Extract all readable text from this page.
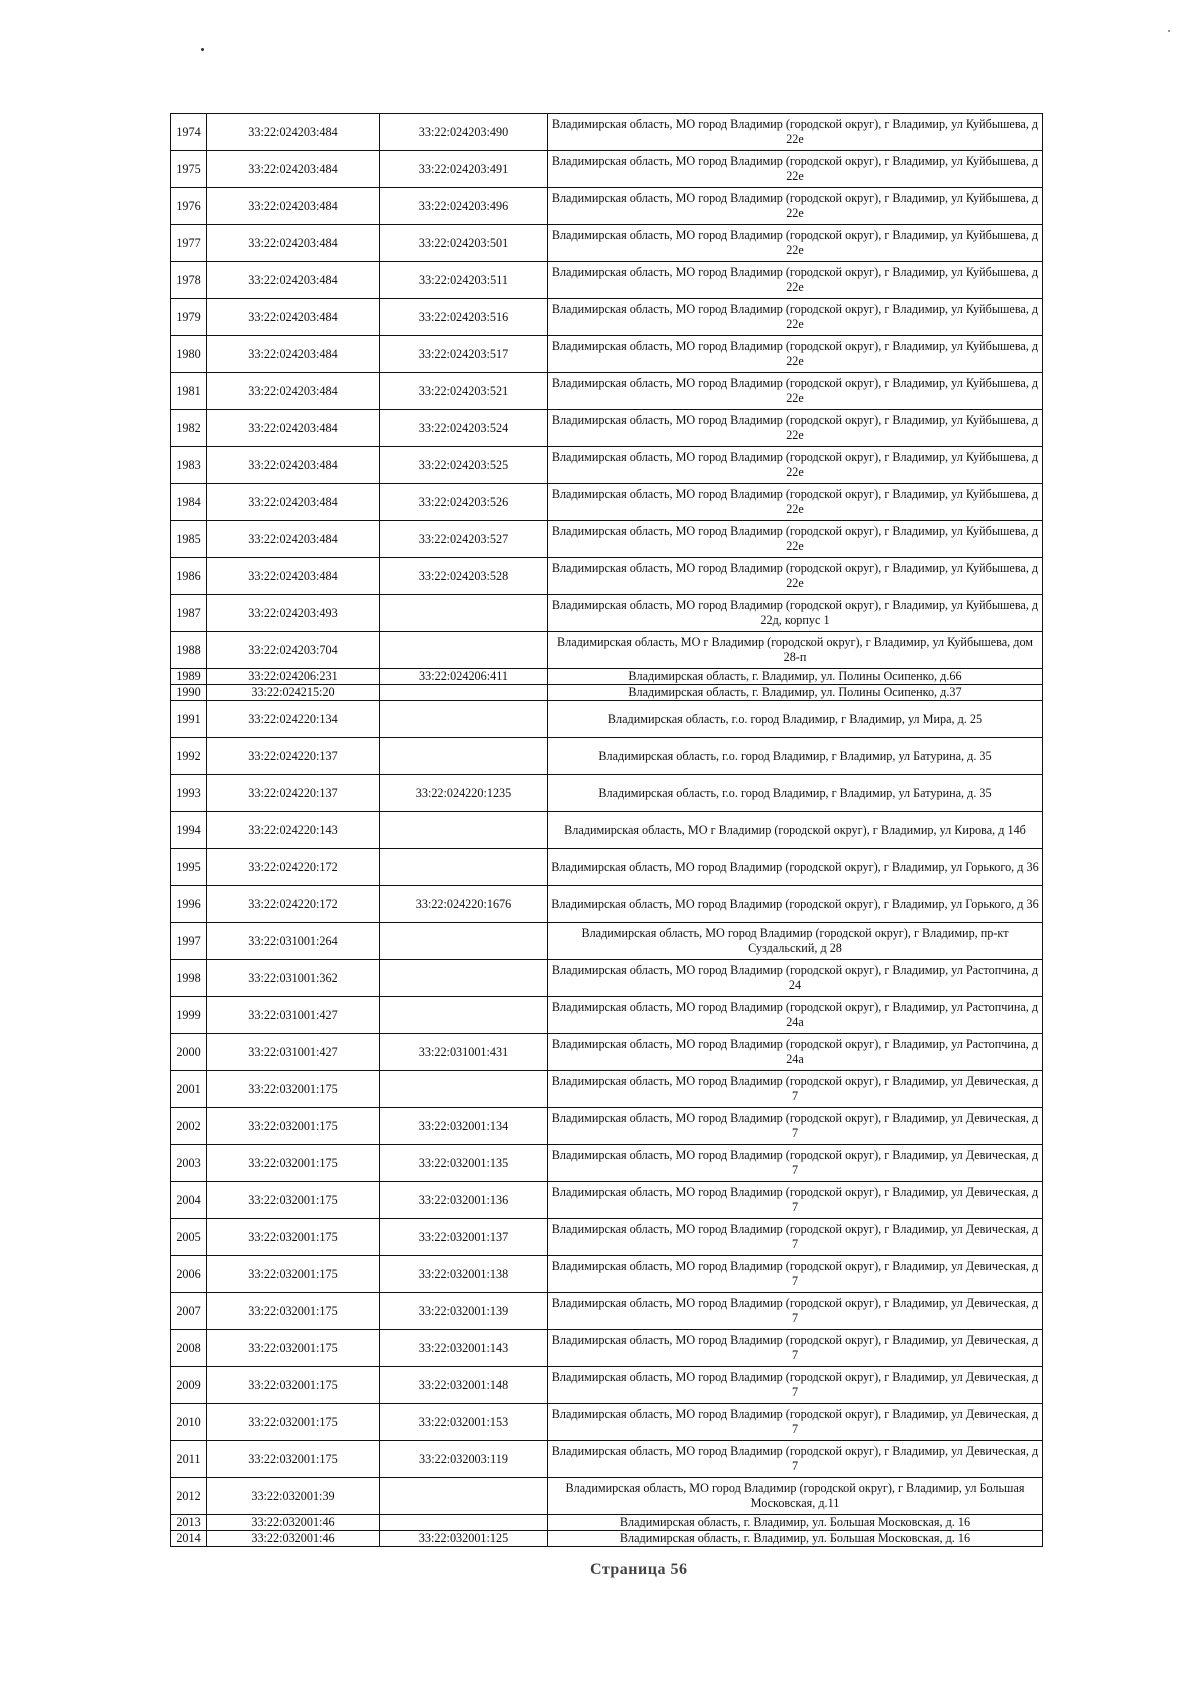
1974	33:22:024203:484	33:22:024203:490	Владимирская область, МО город Владимир (городской округ), г Владимир, ул Куйбышева, д 22е
1975	33:22:024203:484	33:22:024203:491	Владимирская область, МО город Владимир (городской округ), г Владимир, ул Куйбышева, д 22е
1976	33:22:024203:484	33:22:024203:496	Владимирская область, МО город Владимир (городской округ), г Владимир, ул Куйбышева, д 22е
1977	33:22:024203:484	33:22:024203:501	Владимирская область, МО город Владимир (городской округ), г Владимир, ул Куйбышева, д 22е
1978	33:22:024203:484	33:22:024203:511	Владимирская область, МО город Владимир (городской округ), г Владимир, ул Куйбышева, д 22е
1979	33:22:024203:484	33:22:024203:516	Владимирская область, МО город Владимир (городской округ), г Владимир, ул Куйбышева, д 22е
1980	33:22:024203:484	33:22:024203:517	Владимирская область, МО город Владимир (городской округ), г Владимир, ул Куйбышева, д 22е
1981	33:22:024203:484	33:22:024203:521	Владимирская область, МО город Владимир (городской округ), г Владимир, ул Куйбышева, д 22е
1982	33:22:024203:484	33:22:024203:524	Владимирская область, МО город Владимир (городской округ), г Владимир, ул Куйбышева, д 22е
1983	33:22:024203:484	33:22:024203:525	Владимирская область, МО город Владимир (городской округ), г Владимир, ул Куйбышева, д 22е
1984	33:22:024203:484	33:22:024203:526	Владимирская область, МО город Владимир (городской округ), г Владимир, ул Куйбышева, д 22е
1985	33:22:024203:484	33:22:024203:527	Владимирская область, МО город Владимир (городской округ), г Владимир, ул Куйбышева, д 22е
1986	33:22:024203:484	33:22:024203:528	Владимирская область, МО город Владимир (городской округ), г Владимир, ул Куйбышева, д 22е
1987	33:22:024203:493		Владимирская область, МО город Владимир (городской округ), г Владимир, ул Куйбышева, д 22д, корпус 1
1988	33:22:024203:704		Владимирская область, МО г Владимир (городской округ), г Владимир, ул Куйбышева, дом 28-п
1989	33:22:024206:231	33:22:024206:411	Владимирская область, г. Владимир, ул. Полины Осипенко, д.66
1990	33:22:024215:20		Владимирская область, г. Владимир, ул. Полины Осипенко, д.37
1991	33:22:024220:134		Владимирская область, г.о. город Владимир, г Владимир, ул Мира, д. 25
1992	33:22:024220:137		Владимирская область, г.о. город Владимир, г Владимир, ул Батурина, д. 35
1993	33:22:024220:137	33:22:024220:1235	Владимирская область, г.о. город Владимир, г Владимир, ул Батурина, д. 35
1994	33:22:024220:143		Владимирская область, МО г Владимир (городской округ), г Владимир, ул Кирова, д 14б
1995	33:22:024220:172		Владимирская область, МО город Владимир (городской округ), г Владимир, ул Горького, д 36
1996	33:22:024220:172	33:22:024220:1676	Владимирская область, МО город Владимир (городской округ), г Владимир, ул Горького, д 36
1997	33:22:031001:264		Владимирская область, МО город Владимир (городской округ), г Владимир, пр-кт Суздальский, д 28
1998	33:22:031001:362		Владимирская область, МО город Владимир (городской округ), г Владимир, ул Растопчина, д 24
1999	33:22:031001:427		Владимирская область, МО город Владимир (городской округ), г Владимир, ул Растопчина, д 24а
2000	33:22:031001:427	33:22:031001:431	Владимирская область, МО город Владимир (городской округ), г Владимир, ул Растопчина, д 24а
2001	33:22:032001:175		Владимирская область, МО город Владимир (городской округ), г Владимир, ул Девическая, д 7
2002	33:22:032001:175	33:22:032001:134	Владимирская область, МО город Владимир (городской округ), г Владимир, ул Девическая, д 7
2003	33:22:032001:175	33:22:032001:135	Владимирская область, МО город Владимир (городской округ), г Владимир, ул Девическая, д 7
2004	33:22:032001:175	33:22:032001:136	Владимирская область, МО город Владимир (городской округ), г Владимир, ул Девическая, д 7
2005	33:22:032001:175	33:22:032001:137	Владимирская область, МО город Владимир (городской округ), г Владимир, ул Девическая, д 7
2006	33:22:032001:175	33:22:032001:138	Владимирская область, МО город Владимир (городской округ), г Владимир, ул Девическая, д 7
2007	33:22:032001:175	33:22:032001:139	Владимирская область, МО город Владимир (городской округ), г Владимир, ул Девическая, д 7
2008	33:22:032001:175	33:22:032001:143	Владимирская область, МО город Владимир (городской округ), г Владимир, ул Девическая, д 7
2009	33:22:032001:175	33:22:032001:148	Владимирская область, МО город Владимир (городской округ), г Владимир, ул Девическая, д 7
2010	33:22:032001:175	33:22:032001:153	Владимирская область, МО город Владимир (городской округ), г Владимир, ул Девическая, д 7
2011	33:22:032001:175	33:22:032003:119	Владимирская область, МО город Владимир (городской округ), г Владимир, ул Девическая, д 7
2012	33:22:032001:39		Владимирская область, МО город Владимир (городской округ), г Владимир, ул Большая Московская, д.11
2013	33:22:032001:46		Владимирская область, г. Владимир, ул. Большая Московская, д. 16
2014	33:22:032001:46	33:22:032001:125	Владимирская область, г. Владимир, ул. Большая Московская, д. 16
Страница 56
